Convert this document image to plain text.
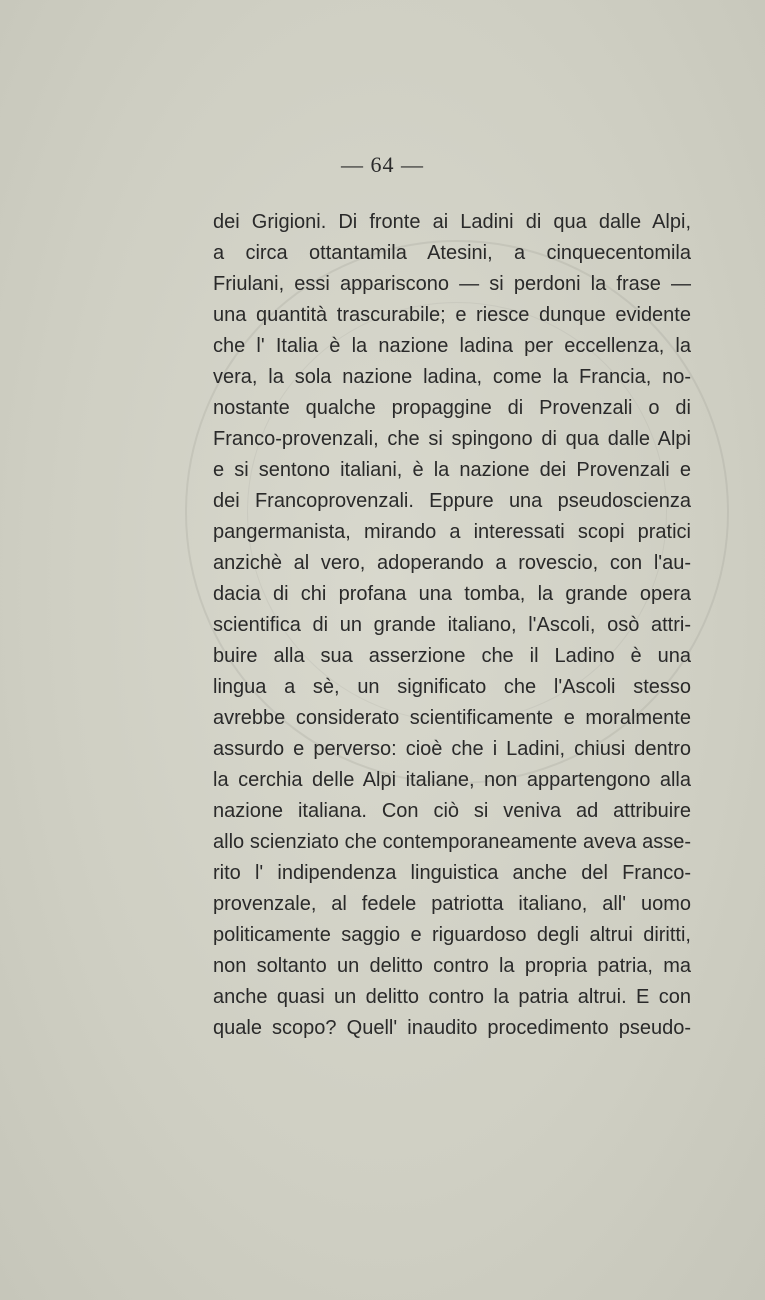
— 64 —
dei Grigioni. Di fronte ai Ladini di qua dalle Alpi,
a circa ottantamila Atesini, a cinquecentomila
Friulani, essi appariscono — si perdoni la frase —
una quantità trascurabile; e riesce dunque evidente
che l' Italia è la nazione ladina per eccellenza, la
vera, la sola nazione ladina, come la Francia, no-
nostante qualche propaggine di Provenzali o di
Franco-provenzali, che si spingono di qua dalle Alpi
e si sentono italiani, è la nazione dei Provenzali e
dei Francoprovenzali. Eppure una pseudoscienza
pangermanista, mirando a interessati scopi pratici
anzichè al vero, adoperando a rovescio, con l'au-
dacia di chi profana una tomba, la grande opera
scientifica di un grande italiano, l'Ascoli, osò attri-
buire alla sua asserzione che il Ladino è una
lingua a sè, un significato che l'Ascoli stesso
avrebbe considerato scientificamente e moralmente
assurdo e perverso: cioè che i Ladini, chiusi dentro
la cerchia delle Alpi italiane, non appartengono alla
nazione italiana. Con ciò si veniva ad attribuire
allo scienziato che contemporaneamente aveva asse-
rito l' indipendenza linguistica anche del Franco-
provenzale, al fedele patriotta italiano, all' uomo
politicamente saggio e riguardoso degli altrui diritti,
non soltanto un delitto contro la propria patria, ma
anche quasi un delitto contro la patria altrui. E con
quale scopo? Quell' inaudito procedimento pseudo-
